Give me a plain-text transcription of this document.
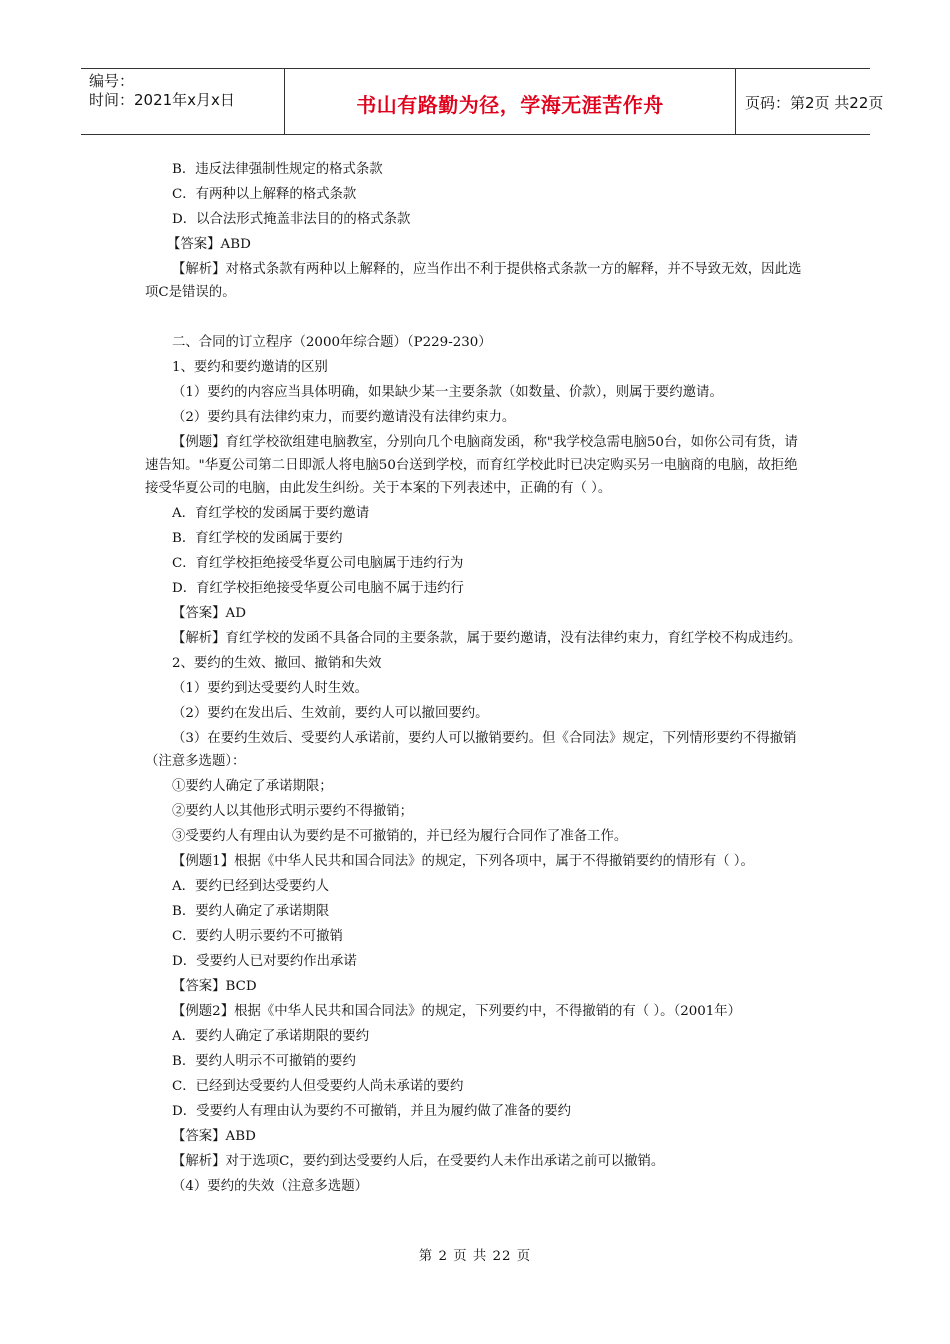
编号：
时间：2021年x月x日	书山有路勤为径，学海无涯苦作舟	页码：第2页 共22页
B．违反法律强制性规定的格式条款
C．有两种以上解释的格式条款
D．以合法形式掩盖非法目的的格式条款
【答案】ABD
【解析】对格式条款有两种以上解释的，应当作出不利于提供格式条款一方的解释，并不导致无效，因此选项C是错误的。
二、合同的订立程序（2000年综合题）（P229-230）
1、要约和要约邀请的区别
（1）要约的内容应当具体明确，如果缺少某一主要条款（如数量、价款），则属于要约邀请。
（2）要约具有法律约束力，而要约邀请没有法律约束力。
【例题】育红学校欲组建电脑教室，分别向几个电脑商发函，称"我学校急需电脑50台，如你公司有货，请速告知。"华夏公司第二日即派人将电脑50台送到学校，而育红学校此时已决定购买另一电脑商的电脑，故拒绝接受华夏公司的电脑，由此发生纠纷。关于本案的下列表述中，正确的有（ ）。
A．育红学校的发函属于要约邀请
B．育红学校的发函属于要约
C．育红学校拒绝接受华夏公司电脑属于违约行为
D．育红学校拒绝接受华夏公司电脑不属于违约行
【答案】AD
【解析】育红学校的发函不具备合同的主要条款，属于要约邀请，没有法律约束力，育红学校不构成违约。
2、要约的生效、撤回、撤销和失效
（1）要约到达受要约人时生效。
（2）要约在发出后、生效前，要约人可以撤回要约。
（3）在要约生效后、受要约人承诺前，要约人可以撤销要约。但《合同法》规定，下列情形要约不得撤销（注意多选题）：
①要约人确定了承诺期限；
②要约人以其他形式明示要约不得撤销；
③受要约人有理由认为要约是不可撤销的，并已经为履行合同作了准备工作。
【例题1】根据《中华人民共和国合同法》的规定，下列各项中，属于不得撤销要约的情形有（ ）。
A．要约已经到达受要约人
B．要约人确定了承诺期限
C．要约人明示要约不可撤销
D．受要约人已对要约作出承诺
【答案】BCD
【例题2】根据《中华人民共和国合同法》的规定，下列要约中，不得撤销的有（ ）。（2001年）
A．要约人确定了承诺期限的要约
B．要约人明示不可撤销的要约
C．已经到达受要约人但受要约人尚未承诺的要约
D．受要约人有理由认为要约不可撤销，并且为履约做了准备的要约
【答案】ABD
【解析】对于选项C，要约到达受要约人后，在受要约人未作出承诺之前可以撤销。
（4）要约的失效（注意多选题）
第 2 页 共 22 页
